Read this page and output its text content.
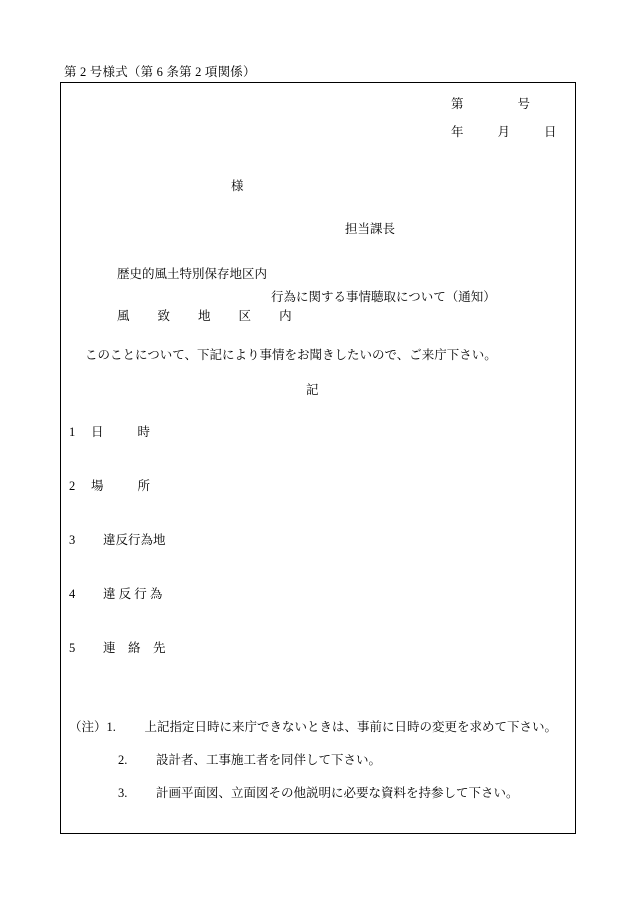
第 2 号様式（第 6 条第 2 項関係）
第	号
年	月	日
様
担当課長
歴史的風土特別保存地区内
行為に関する事情聴取について（通知）
風 致 地 区 内
このことについて、下記により事情をお聞きしたいので、ご来庁下さい。
記
1 日	時
2 場	所
3 違反行為地
4 違 反 行 為
5 連　絡　先
（注）1. 上記指定日時に来庁できないときは、事前に日時の変更を求めて下さい。
2. 設計者、工事施工者を同伴して下さい。
3. 計画平面図、立面図その他説明に必要な資料を持参して下さい。
